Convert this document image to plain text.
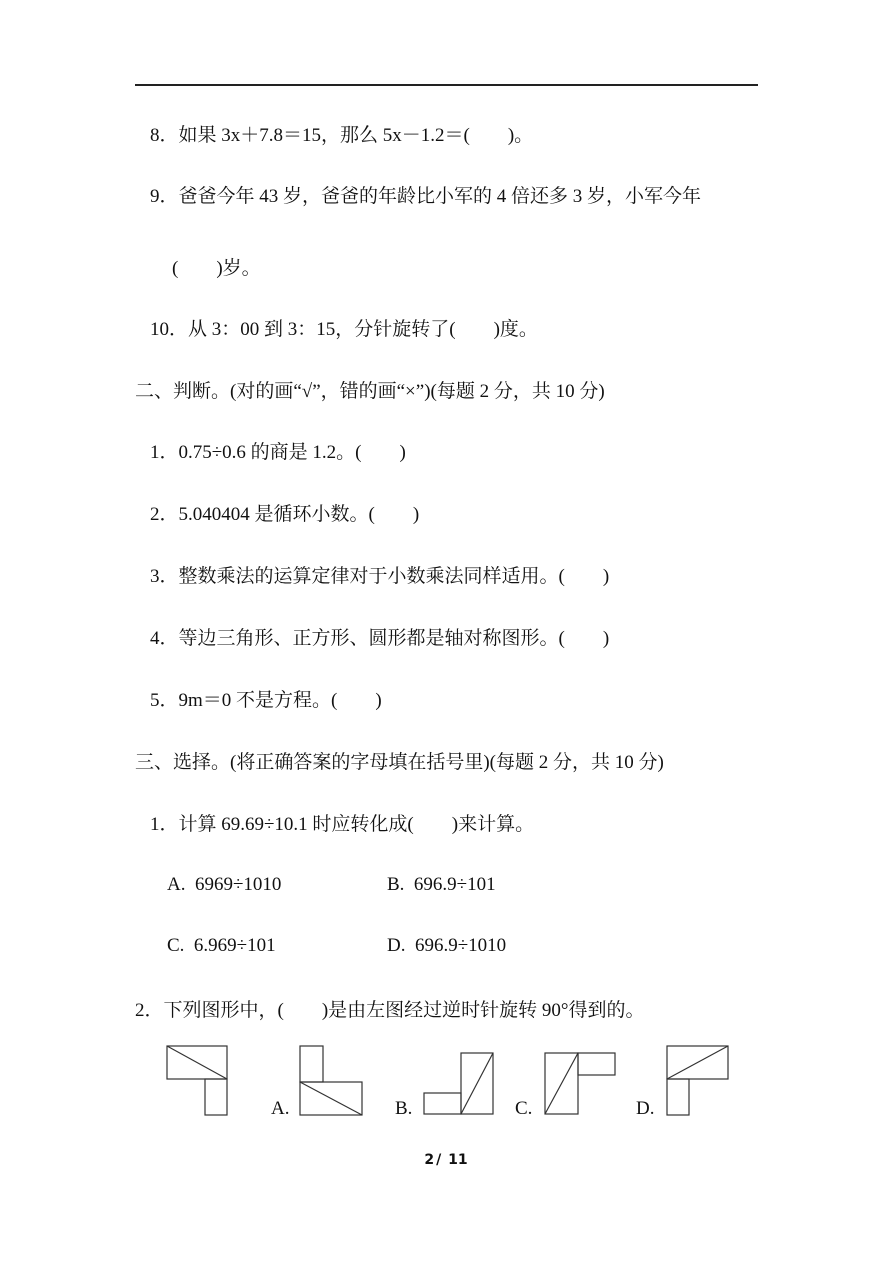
8．如果 3x＋7.8＝15，那么 5x－1.2＝(　　)。
9．爸爸今年 43 岁，爸爸的年龄比小军的 4 倍还多 3 岁，小军今年
(　　)岁。
10．从 3：00 到 3：15，分针旋转了(　　)度。
二、判断。(对的画“√”，错的画“×”)(每题 2 分，共 10 分)
1．0.75÷0.6 的商是 1.2。(　　)
2．5.040404 是循环小数。(　　)
3．整数乘法的运算定律对于小数乘法同样适用。(　　)
4．等边三角形、正方形、圆形都是轴对称图形。(　　)
5．9m＝0 不是方程。(　　)
三、选择。(将正确答案的字母填在括号里)(每题 2 分，共 10 分)
1．计算 69.69÷10.1 时应转化成(　　)来计算。
A.  6969÷1010	B.  696.9÷101
C.  6.969÷101	D.  696.9÷1010
2．下列图形中，(　　)是由左图经过逆时针旋转 90°得到的。
A.	B.	C.	D.
2 / 11
